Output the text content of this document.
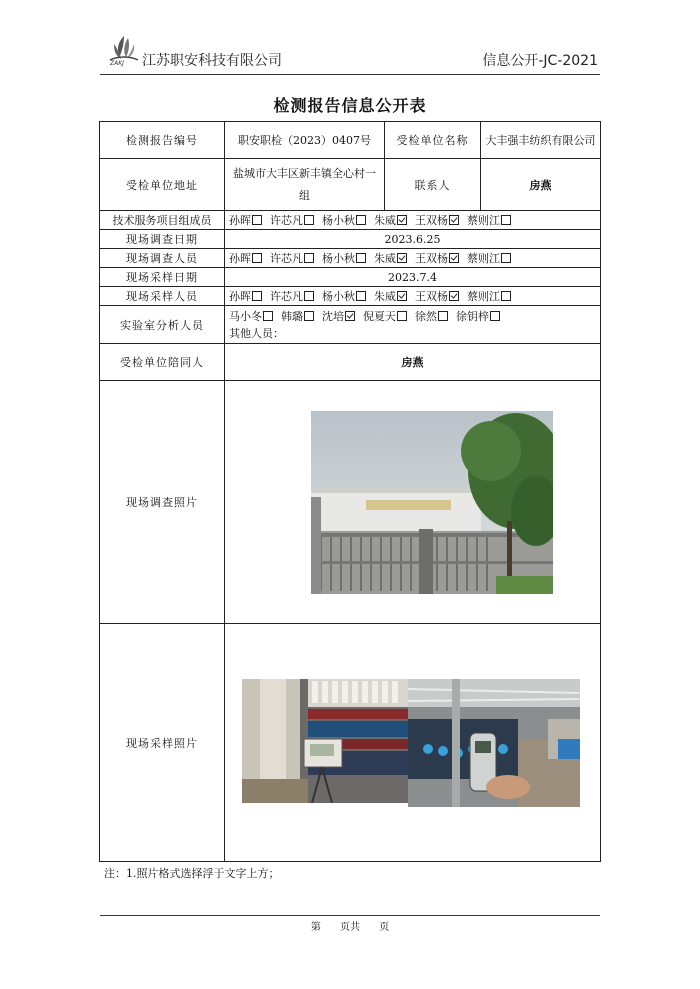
ZAKJ 江苏职安科技有限公司	信息公开-JC-2021
检测报告信息公开表
检测报告编号	职安职检（2023）0407号	受检单位名称	大丰强丰纺织有限公司
受检单位地址	盐城市大丰区新丰镇全心村一组	联系人	房燕
技术服务项目组成员	孙晖 许芯凡 杨小秋 朱威 王双杨 蔡则江		
现场调查日期	2023.6.25		
现场调查人员	孙晖 许芯凡 杨小秋 朱威 王双杨 蔡则江		
现场采样日期	2023.7.4		
现场采样人员	孙晖 许芯凡 杨小秋 朱威 王双杨 蔡则江		
实验室分析人员	马小冬 韩璐 沈培 倪夏天 徐然 徐钥梓
其他人员：		

受检单位陪同人	房燕		
现场调查照片	

现场采样照片	
注：1.照片格式选择浮于文字上方；
第 页共 页
